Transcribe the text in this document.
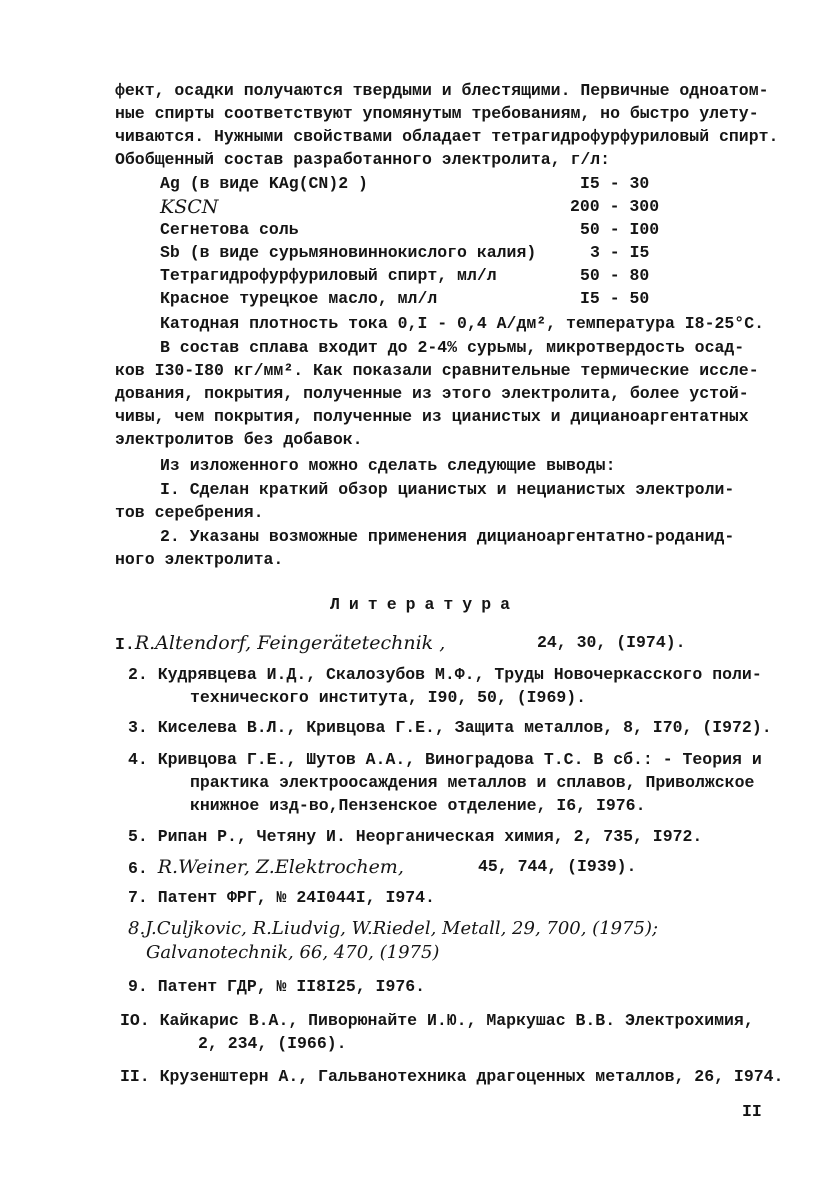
фект, осадки получаются твердыми и блестящими. Первичные одноатом-
ные спирты соответствуют упомянутым требованиям, но быстро улету-
чиваются. Нужными свойствами обладает тетрагидрофурфуриловый спирт.
Обобщенный состав разработанного электролита, г/л:
Ag (в виде KAg(CN)2 )	I5 - 30
KSCN	200 - 300
Сегнетова соль	50 - I00
Sb (в виде сурьмяновиннокислого калия)	3 - I5
Тетрагидрофурфуриловый спирт, мл/л	50 - 80
Красное турецкое масло, мл/л	I5 - 50
Катодная плотность тока 0,I - 0,4 А/дм², температура I8-25°С.
В состав сплава входит до 2-4% сурьмы, микротвердость осад-
ков I30-I80 кг/мм². Как показали сравнительные термические иссле-
дования, покрытия, полученные из этого электролита, более устой-
чивы, чем покрытия, полученные из цианистых и дицианоаргентатных
электролитов без добавок.
Из изложенного можно сделать следующие выводы:
I. Сделан краткий обзор цианистых и нецианистых электроли-
тов серебрения.
2. Указаны возможные применения дицианоаргентатно-роданид-
ного электролита.
Литература
I.R.Altendorf, Feingerätetechnik ,	24, 30, (I974).
2. Кудрявцева И.Д., Скалозубов М.Ф., Труды Новочеркасского поли-
технического института, I90, 50, (I969).
3. Киселева В.Л., Кривцова Г.Е., Защита металлов, 8, I70, (I972).
4. Кривцова Г.Е., Шутов А.А., Виноградова Т.С. В сб.: - Теория и
практика электроосаждения металлов и сплавов, Приволжское
книжное изд-во,Пензенское отделение, I6, I976.
5. Рипан Р., Четяну И. Неорганическая химия, 2, 735, I972.
6. R.Weiner, Z.Elektrochem,	45, 744, (I939).
7. Патент ФРГ, № 24I044I, I974.
8.J.Culjkovic, R.Liudvig, W.Riedel, Metall, 29, 700, (1975);
Galvanotechnik, 66, 470, (1975)
9. Патент ГДР, № II8I25, I976.
IO. Кайкарис В.А., Пиворюнайте И.Ю., Маркушас В.В. Электрохимия,
2, 234, (I966).
II. Крузенштерн А., Гальванотехника драгоценных металлов, 26, I974.
II
